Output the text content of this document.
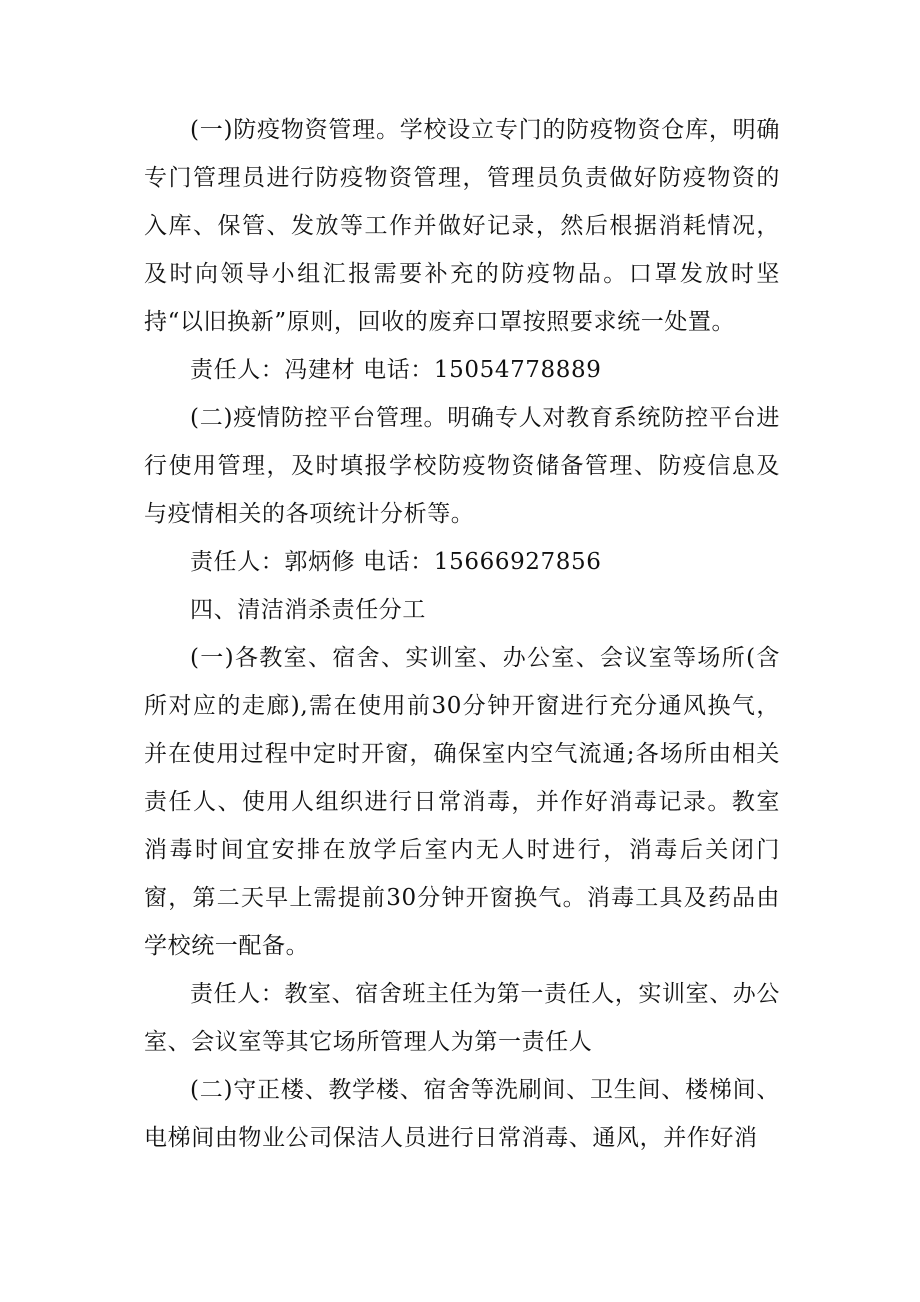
(一)防疫物资管理。学校设立专门的防疫物资仓库，明确专门管理员进行防疫物资管理，管理员负责做好防疫物资的入库、保管、发放等工作并做好记录，然后根据消耗情况，及时向领导小组汇报需要补充的防疫物品。口罩发放时坚持“以旧换新”原则，回收的废弃口罩按照要求统一处置。

责任人：冯建材 电话：15054778889

(二)疫情防控平台管理。明确专人对教育系统防控平台进行使用管理，及时填报学校防疫物资储备管理、防疫信息及与疫情相关的各项统计分析等。

责任人：郭炳修 电话：15666927856

四、清洁消杀责任分工

(一)各教室、宿舍、实训室、办公室、会议室等场所(含所对应的走廊),需在使用前30分钟开窗进行充分通风换气，并在使用过程中定时开窗，确保室内空气流通;各场所由相关责任人、使用人组织进行日常消毒，并作好消毒记录。教室消毒时间宜安排在放学后室内无人时进行，消毒后关闭门窗，第二天早上需提前30分钟开窗换气。消毒工具及药品由学校统一配备。

责任人：教室、宿舍班主任为第一责任人，实训室、办公室、会议室等其它场所管理人为第一责任人

(二)守正楼、教学楼、宿舍等洗刷间、卫生间、楼梯间、电梯间由物业公司保洁人员进行日常消毒、通风，并作好消
